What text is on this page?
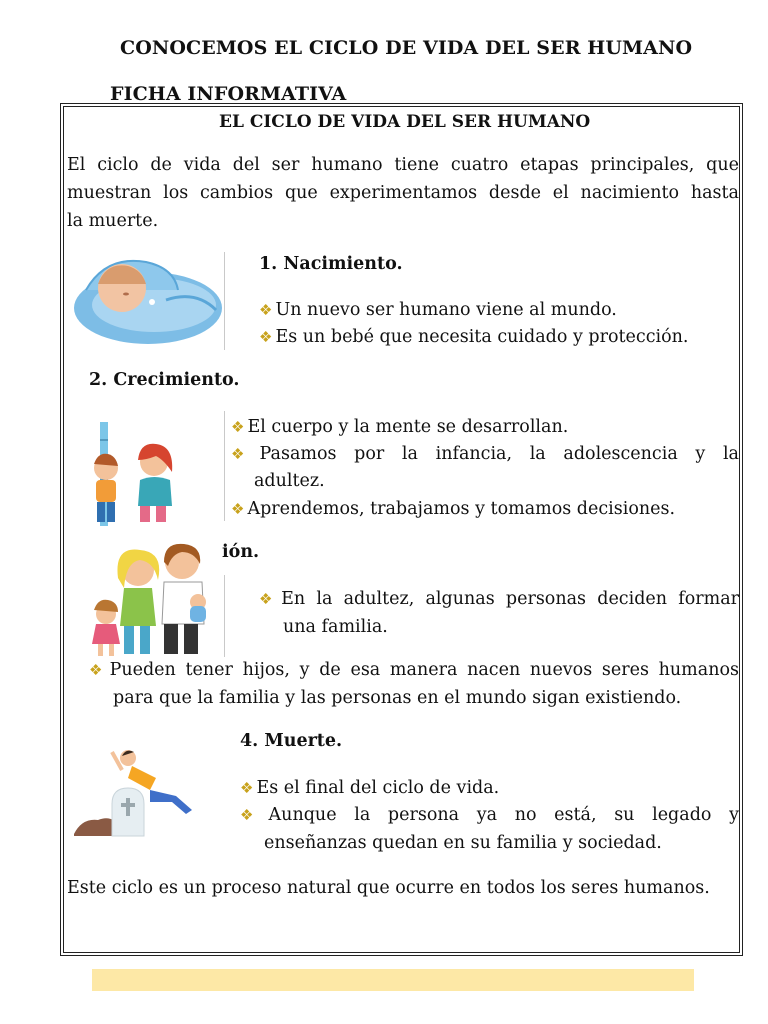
CONOCEMOS EL CICLO DE VIDA DEL SER HUMANO
FICHA INFORMATIVA
EL CICLO DE VIDA DEL SER HUMANO
El ciclo de vida del ser humano tiene cuatro etapas principales, que
muestran los cambios que experimentamos desde el nacimiento hasta
la muerte.
1. Nacimiento.
❖ Un nuevo ser humano viene al mundo.
❖ Es un bebé que necesita cuidado y protección.
2. Crecimiento.
❖ El cuerpo y la mente se desarrollan.
❖ Pasamos por la infancia, la adolescencia y la
adultez.
❖ Aprendemos, trabajamos y tomamos decisiones.
ión.
❖ En la adultez, algunas personas deciden formar
una familia.
❖ Pueden tener hijos, y de esa manera nacen nuevos seres humanos
para que la familia y las personas en el mundo sigan existiendo.
4. Muerte.
❖ Es el final del ciclo de vida.
❖ Aunque la persona ya no está, su legado y
enseñanzas quedan en su familia y sociedad.
Este ciclo es un proceso natural que ocurre en todos los seres humanos.
